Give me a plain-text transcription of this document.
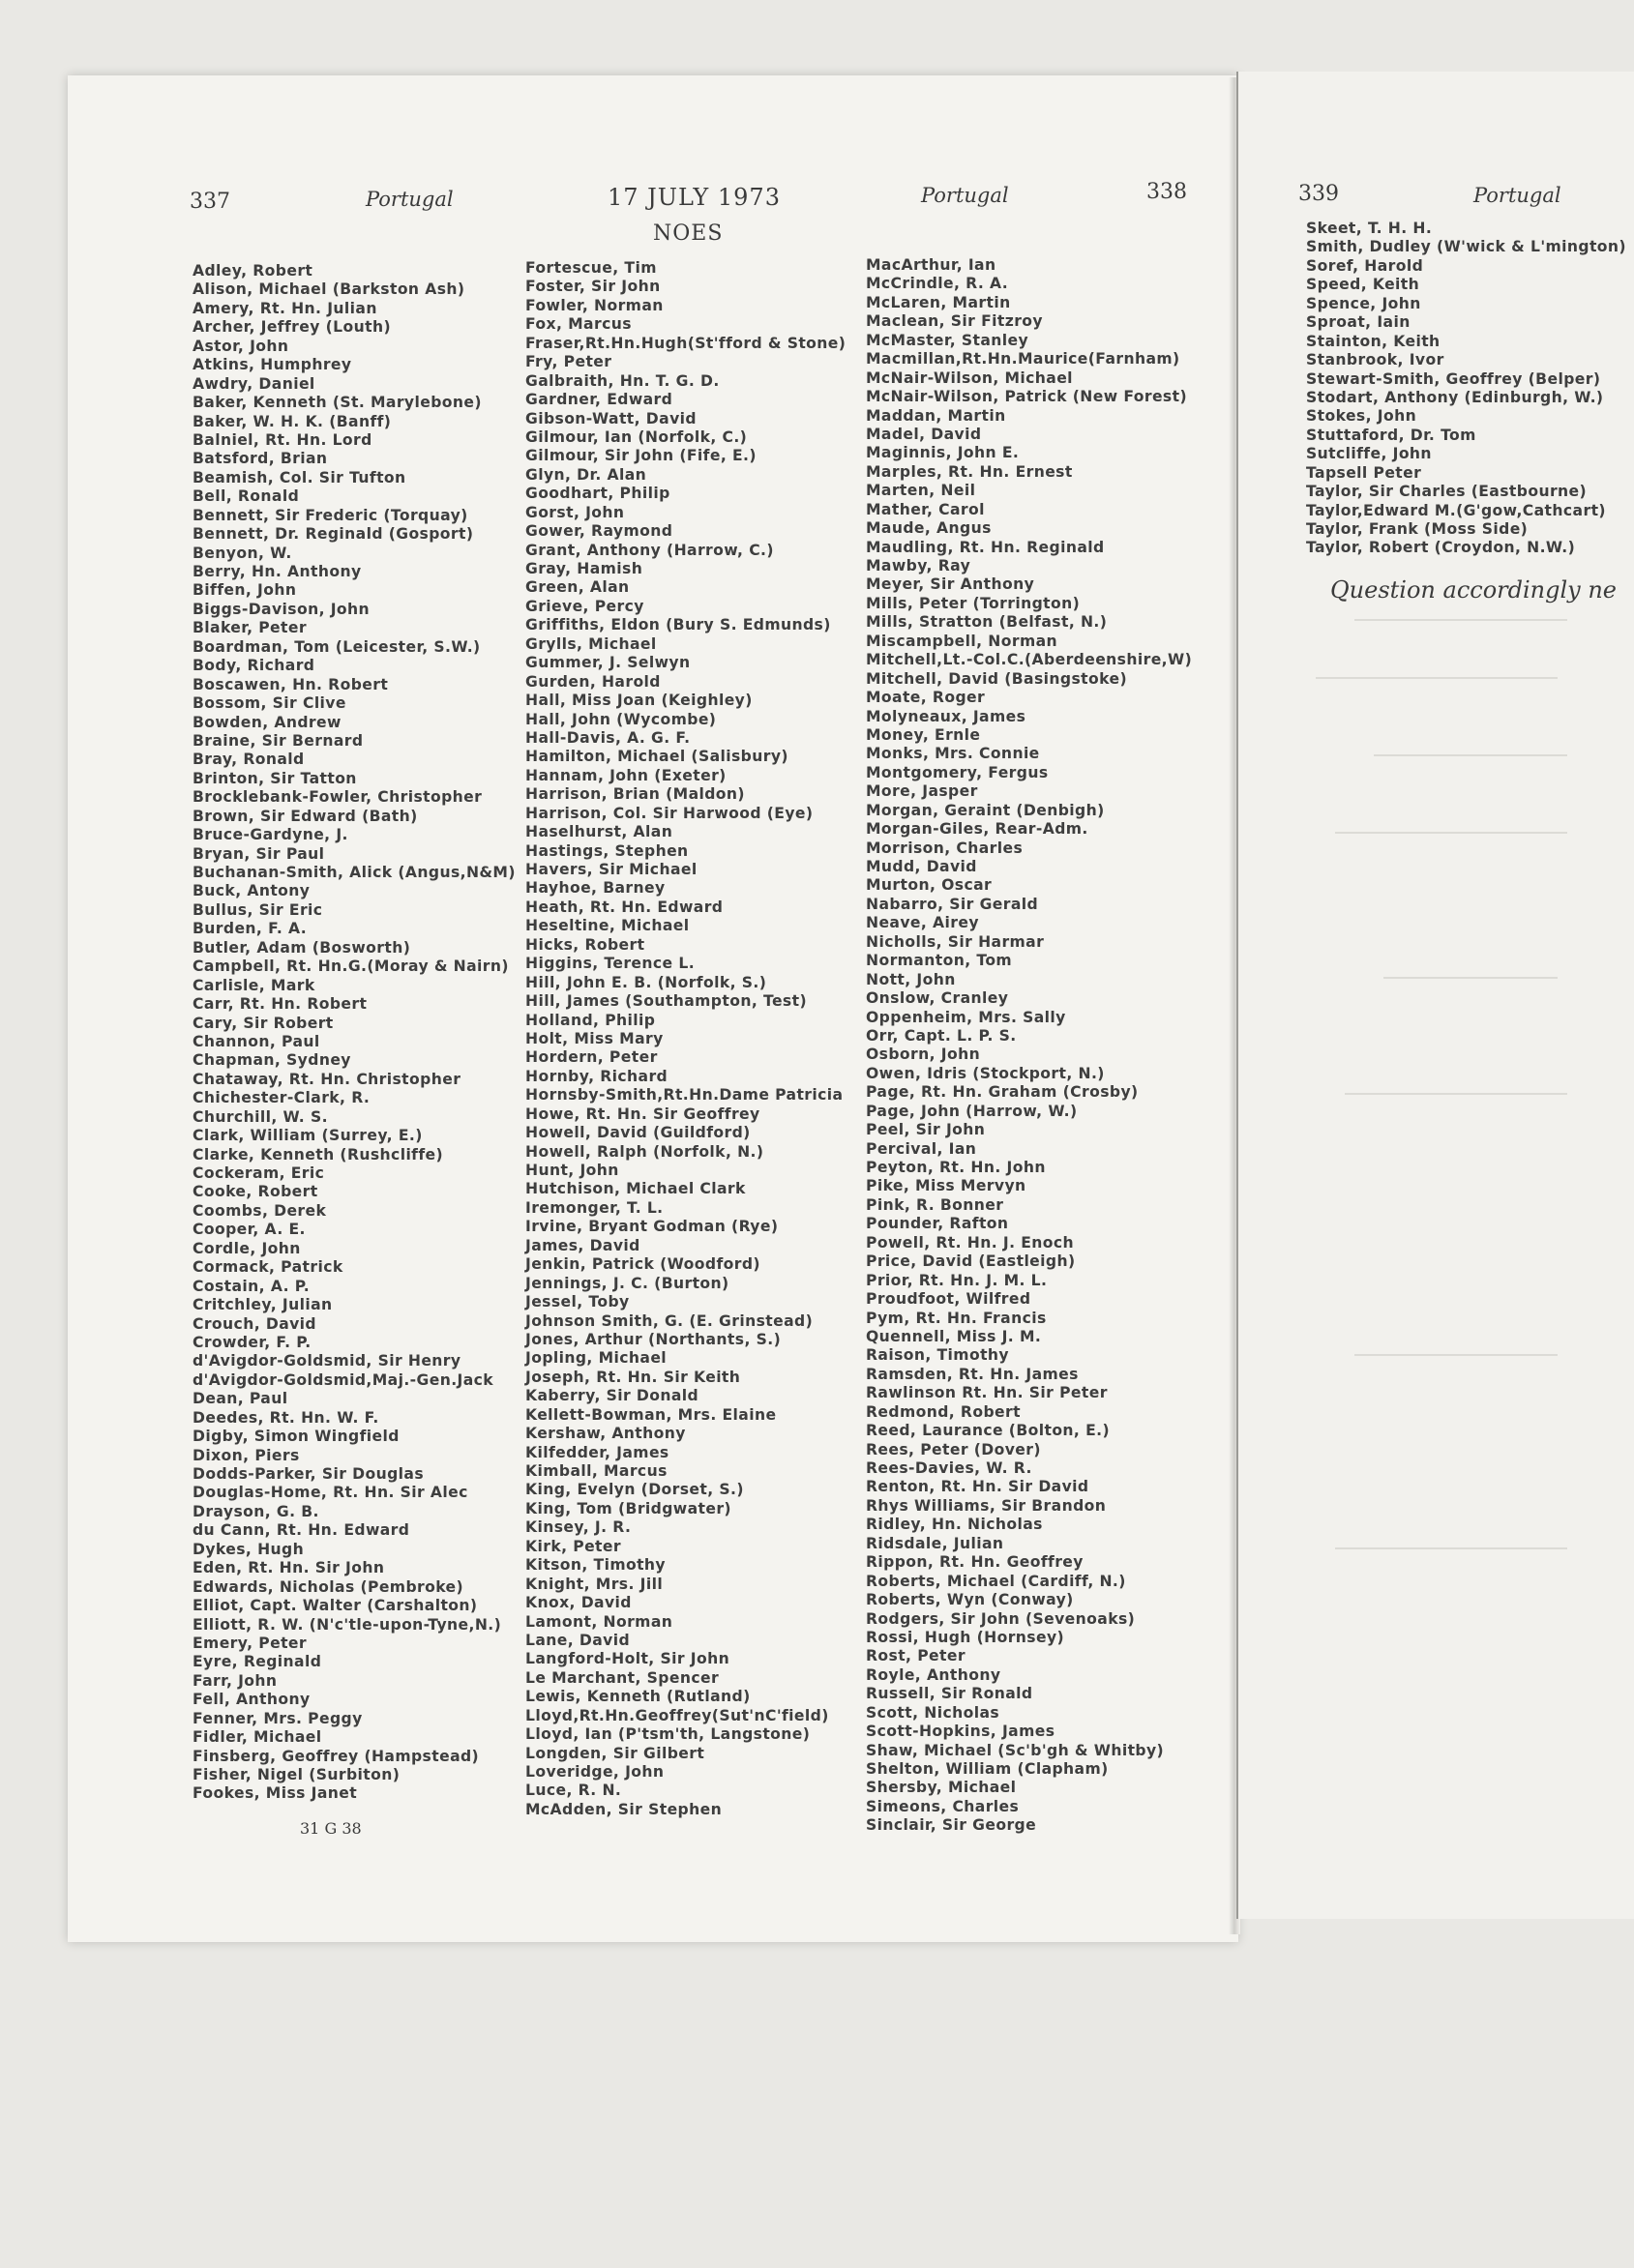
337	Portugal	17 JULY 1973	Portugal	338	339	Portugal
NOES
Adley, Robert
Alison, Michael (Barkston Ash)
Amery, Rt. Hn. Julian
Archer, Jeffrey (Louth)
Astor, John
Atkins, Humphrey
Awdry, Daniel
Baker, Kenneth (St. Marylebone)
Baker, W. H. K. (Banff)
Balniel, Rt. Hn. Lord
Batsford, Brian
Beamish, Col. Sir Tufton
Bell, Ronald
Bennett, Sir Frederic (Torquay)
Bennett, Dr. Reginald (Gosport)
Benyon, W.
Berry, Hn. Anthony
Biffen, John
Biggs-Davison, John
Blaker, Peter
Boardman, Tom (Leicester, S.W.)
Body, Richard
Boscawen, Hn. Robert
Bossom, Sir Clive
Bowden, Andrew
Braine, Sir Bernard
Bray, Ronald
Brinton, Sir Tatton
Brocklebank-Fowler, Christopher
Brown, Sir Edward (Bath)
Bruce-Gardyne, J.
Bryan, Sir Paul
Buchanan-Smith, Alick (Angus,N&M)
Buck, Antony
Bullus, Sir Eric
Burden, F. A.
Butler, Adam (Bosworth)
Campbell, Rt. Hn.G.(Moray & Nairn)
Carlisle, Mark
Carr, Rt. Hn. Robert
Cary, Sir Robert
Channon, Paul
Chapman, Sydney
Chataway, Rt. Hn. Christopher
Chichester-Clark, R.
Churchill, W. S.
Clark, William (Surrey, E.)
Clarke, Kenneth (Rushcliffe)
Cockeram, Eric
Cooke, Robert
Coombs, Derek
Cooper, A. E.
Cordle, John
Cormack, Patrick
Costain, A. P.
Critchley, Julian
Crouch, David
Crowder, F. P.
d'Avigdor-Goldsmid, Sir Henry
d'Avigdor-Goldsmid,Maj.-Gen.Jack
Dean, Paul
Deedes, Rt. Hn. W. F.
Digby, Simon Wingfield
Dixon, Piers
Dodds-Parker, Sir Douglas
Douglas-Home, Rt. Hn. Sir Alec
Drayson, G. B.
du Cann, Rt. Hn. Edward
Dykes, Hugh
Eden, Rt. Hn. Sir John
Edwards, Nicholas (Pembroke)
Elliot, Capt. Walter (Carshalton)
Elliott, R. W. (N'c'tle-upon-Tyne,N.)
Emery, Peter
Eyre, Reginald
Farr, John
Fell, Anthony
Fenner, Mrs. Peggy
Fidler, Michael
Finsberg, Geoffrey (Hampstead)
Fisher, Nigel (Surbiton)
Fookes, Miss Janet
Fortescue, Tim
Foster, Sir John
Fowler, Norman
Fox, Marcus
Fraser,Rt.Hn.Hugh(St'fford & Stone)
Fry, Peter
Galbraith, Hn. T. G. D.
Gardner, Edward
Gibson-Watt, David
Gilmour, Ian (Norfolk, C.)
Gilmour, Sir John (Fife, E.)
Glyn, Dr. Alan
Goodhart, Philip
Gorst, John
Gower, Raymond
Grant, Anthony (Harrow, C.)
Gray, Hamish
Green, Alan
Grieve, Percy
Griffiths, Eldon (Bury S. Edmunds)
Grylls, Michael
Gummer, J. Selwyn
Gurden, Harold
Hall, Miss Joan (Keighley)
Hall, John (Wycombe)
Hall-Davis, A. G. F.
Hamilton, Michael (Salisbury)
Hannam, John (Exeter)
Harrison, Brian (Maldon)
Harrison, Col. Sir Harwood (Eye)
Haselhurst, Alan
Hastings, Stephen
Havers, Sir Michael
Hayhoe, Barney
Heath, Rt. Hn. Edward
Heseltine, Michael
Hicks, Robert
Higgins, Terence L.
Hill, John E. B. (Norfolk, S.)
Hill, James (Southampton, Test)
Holland, Philip
Holt, Miss Mary
Hordern, Peter
Hornby, Richard
Hornsby-Smith,Rt.Hn.Dame Patricia
Howe, Rt. Hn. Sir Geoffrey
Howell, David (Guildford)
Howell, Ralph (Norfolk, N.)
Hunt, John
Hutchison, Michael Clark
Iremonger, T. L.
Irvine, Bryant Godman (Rye)
James, David
Jenkin, Patrick (Woodford)
Jennings, J. C. (Burton)
Jessel, Toby
Johnson Smith, G. (E. Grinstead)
Jones, Arthur (Northants, S.)
Jopling, Michael
Joseph, Rt. Hn. Sir Keith
Kaberry, Sir Donald
Kellett-Bowman, Mrs. Elaine
Kershaw, Anthony
Kilfedder, James
Kimball, Marcus
King, Evelyn (Dorset, S.)
King, Tom (Bridgwater)
Kinsey, J. R.
Kirk, Peter
Kitson, Timothy
Knight, Mrs. Jill
Knox, David
Lamont, Norman
Lane, David
Langford-Holt, Sir John
Le Marchant, Spencer
Lewis, Kenneth (Rutland)
Lloyd,Rt.Hn.Geoffrey(Sut'nC'field)
Lloyd, Ian (P'tsm'th, Langstone)
Longden, Sir Gilbert
Loveridge, John
Luce, R. N.
McAdden, Sir Stephen
MacArthur, Ian
McCrindle, R. A.
McLaren, Martin
Maclean, Sir Fitzroy
McMaster, Stanley
Macmillan,Rt.Hn.Maurice(Farnham)
McNair-Wilson, Michael
McNair-Wilson, Patrick (New Forest)
Maddan, Martin
Madel, David
Maginnis, John E.
Marples, Rt. Hn. Ernest
Marten, Neil
Mather, Carol
Maude, Angus
Maudling, Rt. Hn. Reginald
Mawby, Ray
Meyer, Sir Anthony
Mills, Peter (Torrington)
Mills, Stratton (Belfast, N.)
Miscampbell, Norman
Mitchell,Lt.-Col.C.(Aberdeenshire,W)
Mitchell, David (Basingstoke)
Moate, Roger
Molyneaux, James
Money, Ernle
Monks, Mrs. Connie
Montgomery, Fergus
More, Jasper
Morgan, Geraint (Denbigh)
Morgan-Giles, Rear-Adm.
Morrison, Charles
Mudd, David
Murton, Oscar
Nabarro, Sir Gerald
Neave, Airey
Nicholls, Sir Harmar
Normanton, Tom
Nott, John
Onslow, Cranley
Oppenheim, Mrs. Sally
Orr, Capt. L. P. S.
Osborn, John
Owen, Idris (Stockport, N.)
Page, Rt. Hn. Graham (Crosby)
Page, John (Harrow, W.)
Peel, Sir John
Percival, Ian
Peyton, Rt. Hn. John
Pike, Miss Mervyn
Pink, R. Bonner
Pounder, Rafton
Powell, Rt. Hn. J. Enoch
Price, David (Eastleigh)
Prior, Rt. Hn. J. M. L.
Proudfoot, Wilfred
Pym, Rt. Hn. Francis
Quennell, Miss J. M.
Raison, Timothy
Ramsden, Rt. Hn. James
Rawlinson Rt. Hn. Sir Peter
Redmond, Robert
Reed, Laurance (Bolton, E.)
Rees, Peter (Dover)
Rees-Davies, W. R.
Renton, Rt. Hn. Sir David
Rhys Williams, Sir Brandon
Ridley, Hn. Nicholas
Ridsdale, Julian
Rippon, Rt. Hn. Geoffrey
Roberts, Michael (Cardiff, N.)
Roberts, Wyn (Conway)
Rodgers, Sir John (Sevenoaks)
Rossi, Hugh (Hornsey)
Rost, Peter
Royle, Anthony
Russell, Sir Ronald
Scott, Nicholas
Scott-Hopkins, James
Shaw, Michael (Sc'b'gh & Whitby)
Shelton, William (Clapham)
Shersby, Michael
Simeons, Charles
Sinclair, Sir George
Skeet, T. H. H.
Smith, Dudley (W'wick & L'mington)
Soref, Harold
Speed, Keith
Spence, John
Sproat, Iain
Stainton, Keith
Stanbrook, Ivor
Stewart-Smith, Geoffrey (Belper)
Stodart, Anthony (Edinburgh, W.)
Stokes, John
Stuttaford, Dr. Tom
Sutcliffe, John
Tapsell Peter
Taylor, Sir Charles (Eastbourne)
Taylor,Edward M.(G'gow,Cathcart)
Taylor, Frank (Moss Side)
Taylor, Robert (Croydon, N.W.)
31 G 38
Question accordingly ne
